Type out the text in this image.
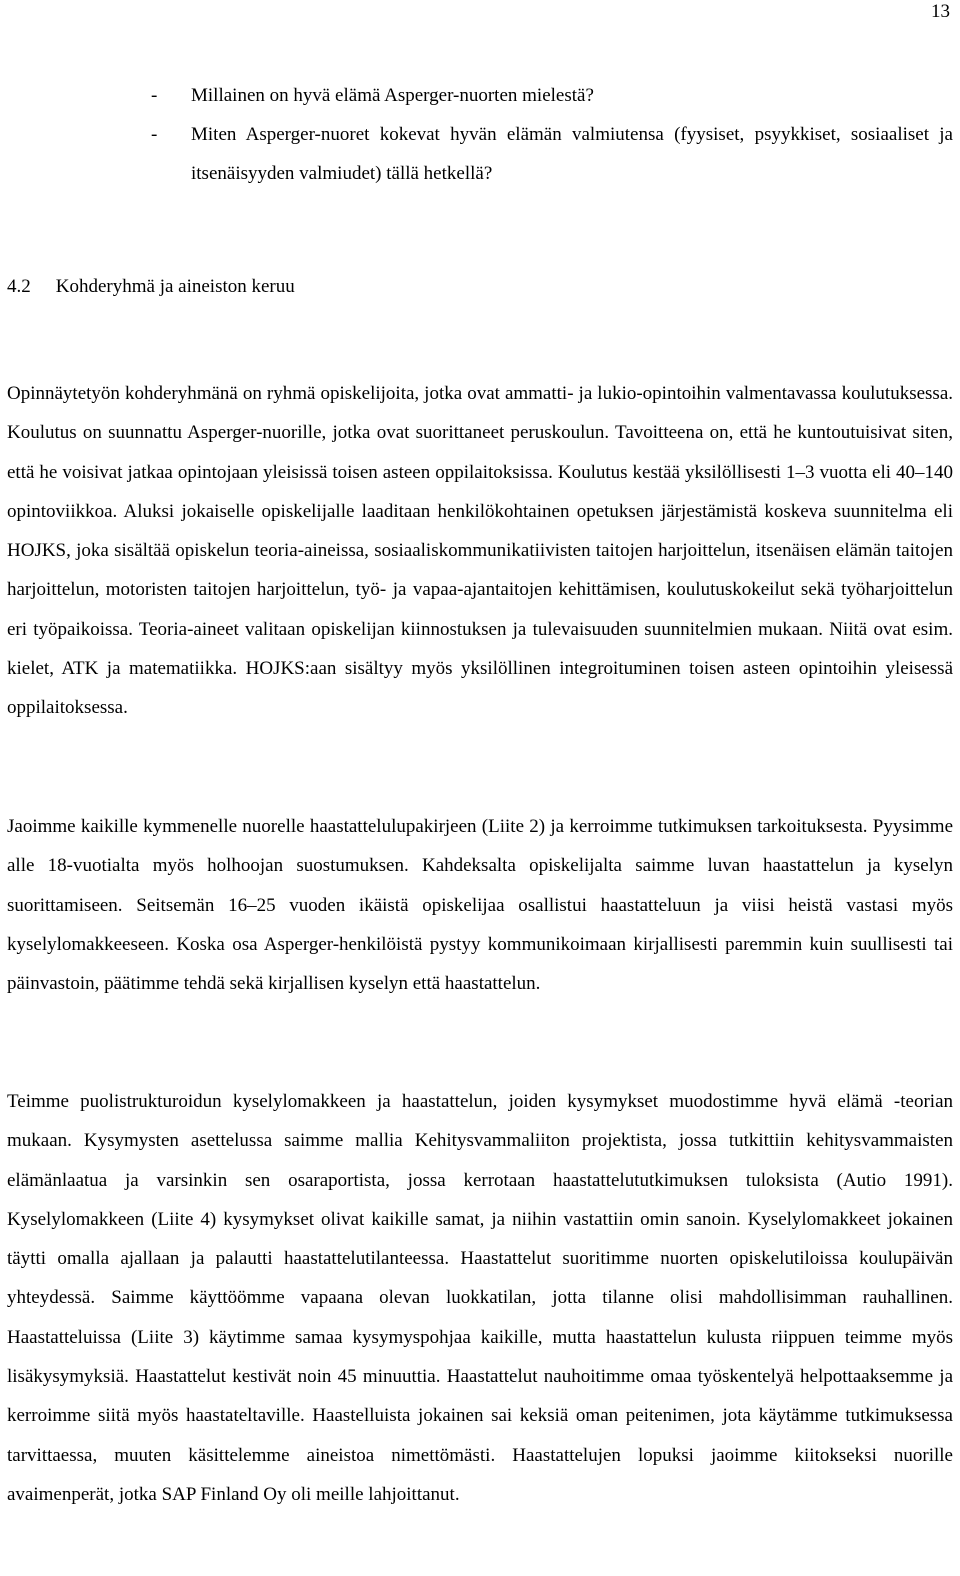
13
- Millainen on hyvä elämä Asperger-nuorten mielestä?
- Miten Asperger-nuoret kokevat hyvän elämän valmiutensa (fyysiset, psyykkiset, sosiaaliset ja itsenäisyyden valmiudet) tällä hetkellä?
4.2 Kohderyhmä ja aineiston keruu

Opinnäytetyön kohderyhmänä on ryhmä opiskelijoita, jotka ovat ammatti- ja lukio-opintoihin valmentavassa koulutuksessa. Koulutus on suunnattu Asperger-nuorille, jotka ovat suorittaneet peruskoulun. Tavoitteena on, että he kuntoutuisivat siten, että he voisivat jatkaa opintojaan yleisissä toisen asteen oppilaitoksissa. Koulutus kestää yksilöllisesti 1–3 vuotta eli 40–140 opintoviikkoa. Aluksi jokaiselle opiskelijalle laaditaan henkilökohtainen opetuksen järjestämistä koskeva suunnitelma eli HOJKS, joka sisältää opiskelun teoria-aineissa, sosiaaliskommunikatiivisten taitojen harjoittelun, itsenäisen elämän taitojen harjoittelun, motoristen taitojen harjoittelun, työ- ja vapaa-ajantaitojen kehittämisen, koulutuskokeilut sekä työharjoittelun eri työpaikoissa. Teoria-aineet valitaan opiskelijan kiinnostuksen ja tulevaisuuden suunnitelmien mukaan. Niitä ovat esim. kielet, ATK ja matematiikka. HOJKS:aan sisältyy myös yksilöllinen integroituminen toisen asteen opintoihin yleisessä oppilaitoksessa.

Jaoimme kaikille kymmenelle nuorelle haastattelulupakirjeen (Liite 2) ja kerroimme tutkimuksen tarkoituksesta. Pyysimme alle 18-vuotialta myös holhoojan suostumuksen. Kahdeksalta opiskelijalta saimme luvan haastattelun ja kyselyn suorittamiseen. Seitsemän 16–25 vuoden ikäistä opiskelijaa osallistui haastatteluun ja viisi heistä vastasi myös kyselylomakkeeseen. Koska osa Asperger-henkilöistä pystyy kommunikoimaan kirjallisesti paremmin kuin suullisesti tai päinvastoin, päätimme tehdä sekä kirjallisen kyselyn että haastattelun.

Teimme puolistrukturoidun kyselylomakkeen ja haastattelun, joiden kysymykset muodostimme hyvä elämä -teorian mukaan. Kysymysten asettelussa saimme mallia Kehitysvammaliiton projektista, jossa tutkittiin kehitysvammaisten elämänlaatua ja varsinkin sen osaraportista, jossa kerrotaan haastattelututkimuksen tuloksista (Autio 1991). Kyselylomakkeen (Liite 4) kysymykset olivat kaikille samat, ja niihin vastattiin omin sanoin. Kyselylomakkeet jokainen täytti omalla ajallaan ja palautti haastattelutilanteessa. Haastattelut suoritimme nuorten opiskelutiloissa koulupäivän yhteydessä. Saimme käyttöömme vapaana olevan luokkatilan, jotta tilanne olisi mahdollisimman rauhallinen. Haastatteluissa (Liite 3) käytimme samaa kysymyspohjaa kaikille, mutta haastattelun kulusta riippuen teimme myös lisäkysymyksiä. Haastattelut kestivät noin 45 minuuttia. Haastattelut nauhoitimme omaa työskentelyä helpottaaksemme ja kerroimme siitä myös haastateltaville. Haastelluista jokainen sai keksiä oman peitenimen, jota käytämme tutkimuksessa tarvittaessa, muuten käsittelemme aineistoa nimettömästi. Haastattelujen lopuksi jaoimme kiitokseksi nuorille avaimenperät, jotka SAP Finland Oy oli meille lahjoittanut.
